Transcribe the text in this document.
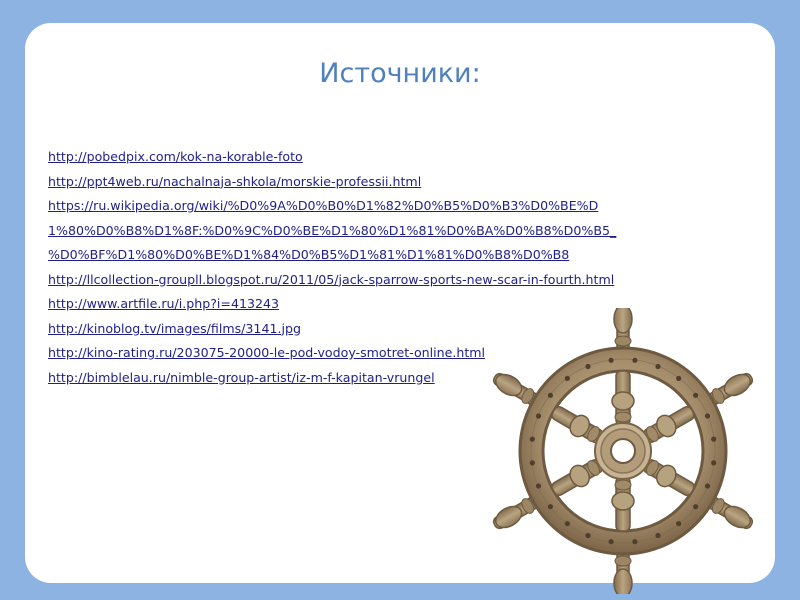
Источники:
http://pobedpix.com/kok-na-korable-foto
http://ppt4web.ru/nachalnaja-shkola/morskie-professii.html
https://ru.wikipedia.org/wiki/%D0%9A%D0%B0%D1%82%D0%B5%D0%B3%D0%BE%D
1%80%D0%B8%D1%8F:%D0%9C%D0%BE%D1%80%D1%81%D0%BA%D0%B8%D0%B5_
%D0%BF%D1%80%D0%BE%D1%84%D0%B5%D1%81%D1%81%D0%B8%D0%B8
http://llcollection-groupll.blogspot.ru/2011/05/jack-sparrow-sports-new-scar-in-fourth.html
http://www.artfile.ru/i.php?i=413243
http://kinoblog.tv/images/films/3141.jpg
http://kino-rating.ru/203075-20000-le-pod-vodoy-smotret-online.html
http://bimblelau.ru/nimble-group-artist/iz-m-f-kapitan-vrungel
